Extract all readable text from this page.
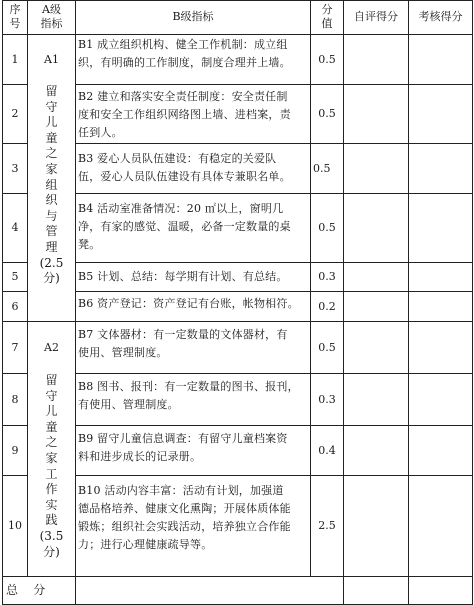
序
号
A级
指标
B级指标
分
值
自评得分	考核得分
1
2
3
4
5
6
7
8
9
10
A1
留
守
儿
童
之
家
组
织
与
管
理
(2.5
分)
A2
留
守
儿
童
之
家
工
作
实
践
(3.5
分)
B1 成立组织机构、健全工作机制：成立组
织，有明确的工作制度，制度合理并上墙。
B2 建立和落实安全责任制度：安全责任制
度和安全工作组织网络图上墙、进档案，责
任到人。
B3 爱心人员队伍建设：有稳定的关爱队
伍，爱心人员队伍建设有具体专兼职名单。
B4 活动室准备情况：20 ㎡以上，窗明几
净，有家的感觉、温暖，必备一定数量的桌
凳。
B5 计划、总结：每学期有计划、有总结。
B6 资产登记：资产登记有台账，帐物相符。
B7 文体器材：有一定数量的文体器材，有
使用、管理制度。
B8 图书、报刊：有一定数量的图书、报刊，
有使用、管理制度。
B9 留守儿童信息调查：有留守儿童档案资
料和进步成长的记录册。
B10 活动内容丰富：活动有计划，加强道
德品格培养、健康文化熏陶；开展体质体能
锻炼；组织社会实践活动，培养独立合作能
力；进行心理健康疏导等。
0.5
0.5
0.5
0.5
0.3
0.2
0.5
0.3
0.4
2.5
总    分
